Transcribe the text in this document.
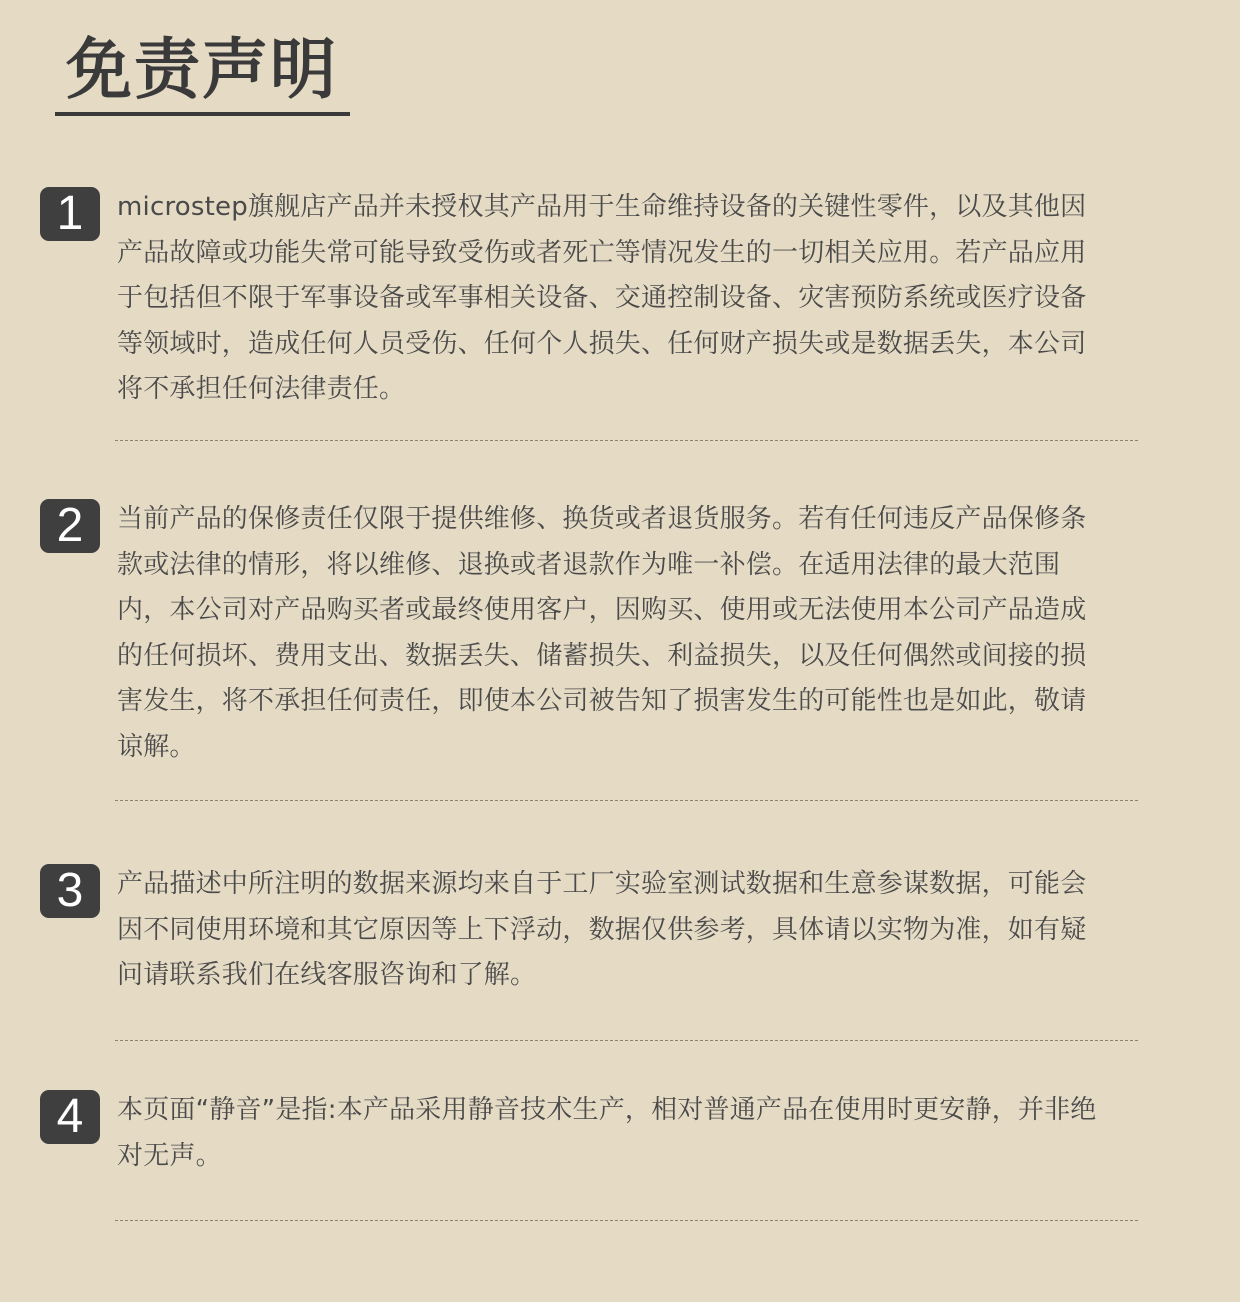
免责声明
1	microstep旗舰店产品并未授权其产品用于生命维持设备的关键性零件，以及其他因产品故障或功能失常可能导致受伤或者死亡等情况发生的一切相关应用。若产品应用于包括但不限于军事设备或军事相关设备、交通控制设备、灾害预防系统或医疗设备等领域时，造成任何人员受伤、任何个人损失、任何财产损失或是数据丢失，本公司将不承担任何法律责任。

2	当前产品的保修责任仅限于提供维修、换货或者退货服务。若有任何违反产品保修条款或法律的情形，将以维修、退换或者退款作为唯一补偿。在适用法律的最大范围内，本公司对产品购买者或最终使用客户，因购买、使用或无法使用本公司产品造成的任何损坏、费用支出、数据丢失、储蓄损失、利益损失，以及任何偶然或间接的损害发生，将不承担任何责任，即使本公司被告知了损害发生的可能性也是如此，敬请谅解。

3	产品描述中所注明的数据来源均来自于工厂实验室测试数据和生意参谋数据，可能会因不同使用环境和其它原因等上下浮动，数据仅供参考，具体请以实物为准，如有疑问请联系我们在线客服咨询和了解。

4	本页面“静音”是指:本产品采用静音技术生产，相对普通产品在使用时更安静，并非绝对无声。
